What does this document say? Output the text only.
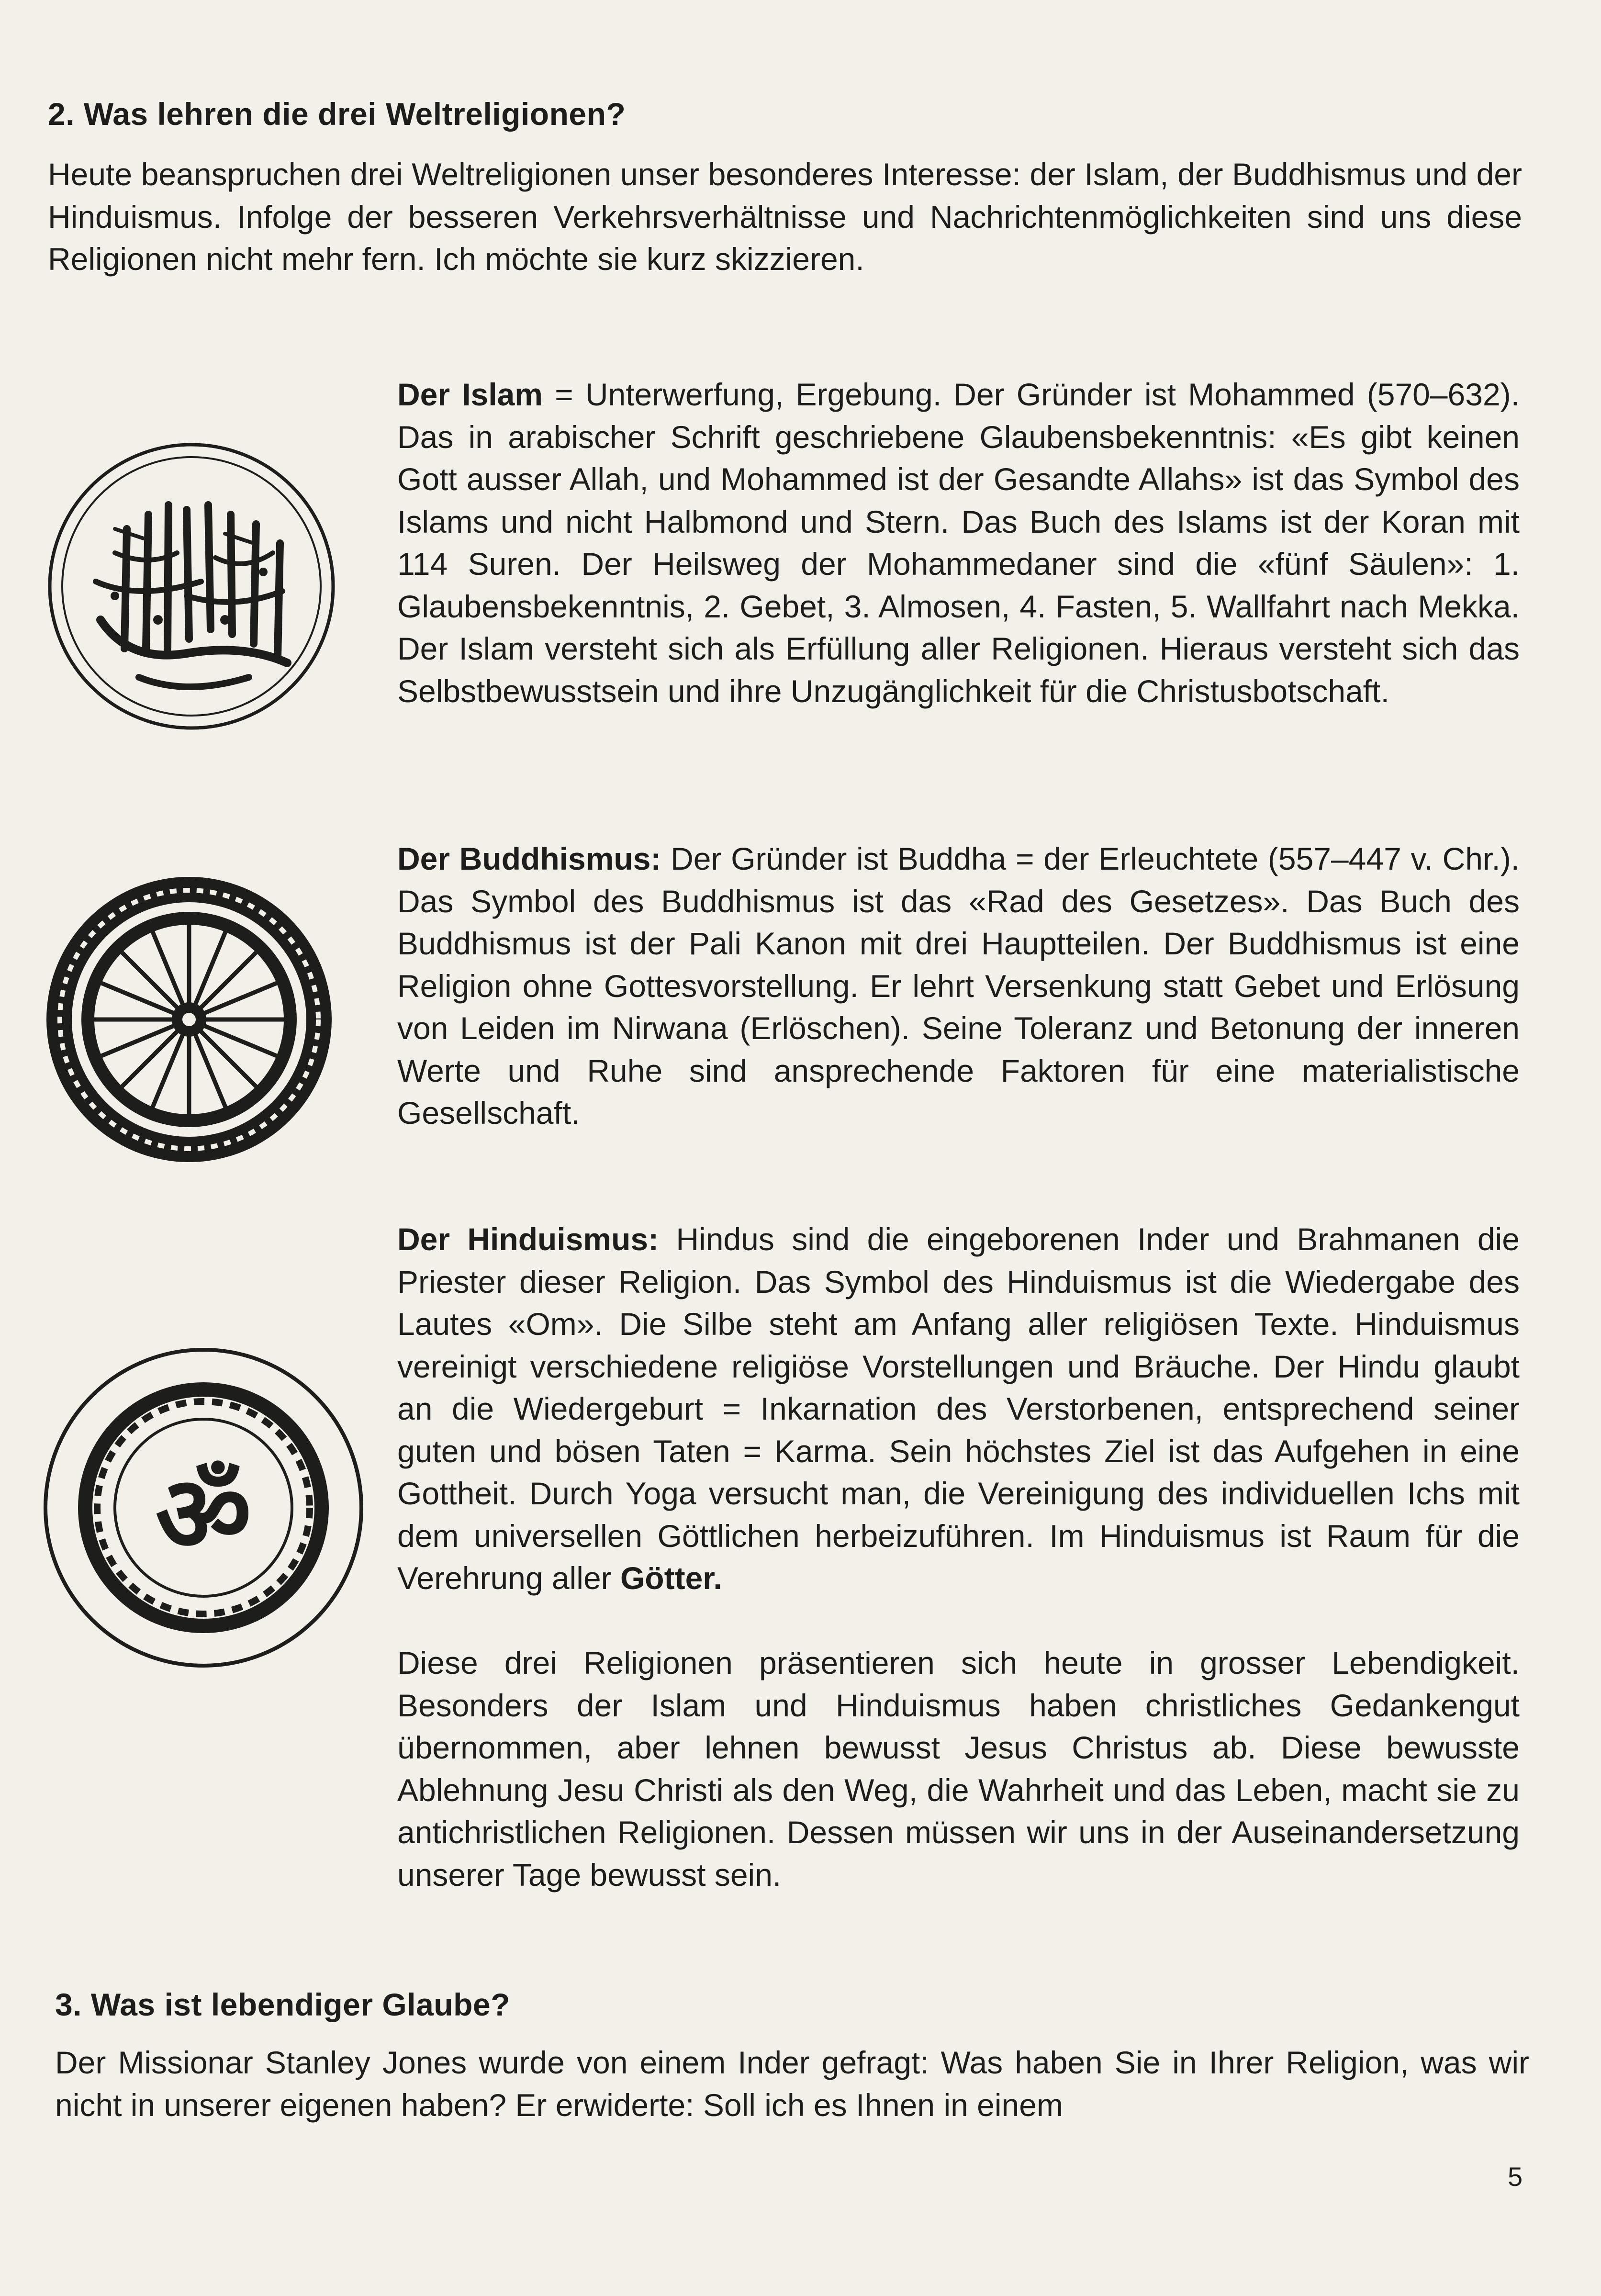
2. Was lehren die drei Weltreligionen?
Heute beanspruchen drei Weltreligionen unser besonderes Interesse: der Islam, der Buddhismus und der Hinduismus. Infolge der besseren Verkehrsverhältnisse und Nachrichtenmöglichkeiten sind uns diese Religionen nicht mehr fern. Ich möchte sie kurz skizzieren.
Der Islam = Unterwerfung, Ergebung. Der Gründer ist Mohammed (570–632). Das in arabischer Schrift geschriebene Glaubensbekenntnis: «Es gibt keinen Gott ausser Allah, und Mohammed ist der Gesandte Allahs» ist das Symbol des Islams und nicht Halbmond und Stern. Das Buch des Islams ist der Koran mit 114 Suren. Der Heilsweg der Mohammedaner sind die «fünf Säulen»: 1. Glaubensbekenntnis, 2. Gebet, 3. Almosen, 4. Fasten, 5. Wallfahrt nach Mekka. Der Islam versteht sich als Erfüllung aller Religionen. Hieraus versteht sich das Selbstbewusstsein und ihre Unzugänglichkeit für die Christusbotschaft.
Der Buddhismus: Der Gründer ist Buddha = der Erleuchtete (557–447 v. Chr.). Das Symbol des Buddhismus ist das «Rad des Gesetzes». Das Buch des Buddhismus ist der Pali Kanon mit drei Hauptteilen. Der Buddhismus ist eine Religion ohne Gottesvorstellung. Er lehrt Versenkung statt Gebet und Erlösung von Leiden im Nirwana (Erlöschen). Seine Toleranz und Betonung der inneren Werte und Ruhe sind ansprechende Faktoren für eine materialistische Gesellschaft.
ॐ
Der Hinduismus: Hindus sind die eingeborenen Inder und Brahmanen die Priester dieser Religion. Das Symbol des Hinduismus ist die Wiedergabe des Lautes «Om». Die Silbe steht am Anfang aller religiösen Texte. Hinduismus vereinigt verschiedene religiöse Vorstellungen und Bräuche. Der Hindu glaubt an die Wiedergeburt = Inkarnation des Verstorbenen, entsprechend seiner guten und bösen Taten = Karma. Sein höchstes Ziel ist das Aufgehen in eine Gottheit. Durch Yoga versucht man, die Vereinigung des individuellen Ichs mit dem universellen Göttlichen herbeizuführen. Im Hinduismus ist Raum für die Verehrung aller Götter.
Diese drei Religionen präsentieren sich heute in grosser Lebendigkeit. Besonders der Islam und Hinduismus haben christliches Gedankengut übernommen, aber lehnen bewusst Jesus Christus ab. Diese bewusste Ablehnung Jesu Christi als den Weg, die Wahrheit und das Leben, macht sie zu antichristlichen Religionen. Dessen müssen wir uns in der Auseinandersetzung unserer Tage bewusst sein.
3. Was ist lebendiger Glaube?
Der Missionar Stanley Jones wurde von einem Inder gefragt: Was haben Sie in Ihrer Religion, was wir nicht in unserer eigenen haben? Er erwiderte: Soll ich es Ihnen in einem
5
